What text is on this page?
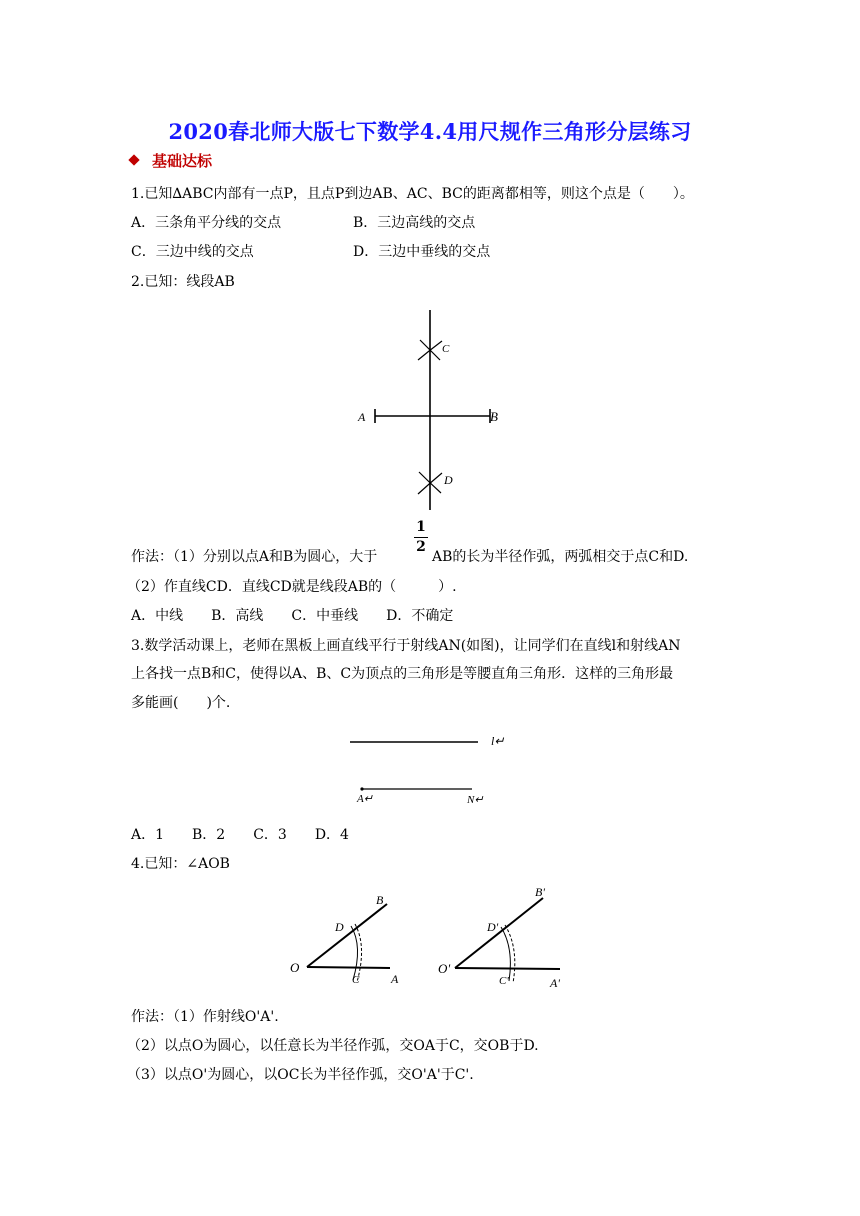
2020春北师大版七下数学4.4用尺规作三角形分层练习
基础达标
1.已知∆ABC内部有一点P，且点P到边AB、AC、BC的距离都相等，则这个点是（　　）。
A．三条角平分线的交点	B．三边高线的交点
C．三边中线的交点	D．三边中垂线的交点
2.已知：线段AB
A	B
C
D
1
2
作法：（1）分别以点A和B为圆心，大于	AB的长为半径作弧，两弧相交于点C和D.
（2）作直线CD．直线CD就是线段AB的（　　　）.
A．中线　　B．高线　　C．中垂线　　D．不确定
3.数学活动课上，老师在黑板上画直线平行于射线AN(如图)，让同学们在直线l和射线AN
上各找一点B和C，使得以A、B、C为顶点的三角形是等腰直角三角形．这样的三角形最
多能画(　　)个.
l↵
A↵	N↵
A．1　　B．2　　C．3　　D．4
4.已知：∠AOB
O
A
B
C
D
O'
A'
B'
C'
D'
作法：（1）作射线O'A'.
（2）以点O为圆心，以任意长为半径作弧，交OA于C，交OB于D.
（3）以点O'为圆心，以OC长为半径作弧，交O'A'于C'.
